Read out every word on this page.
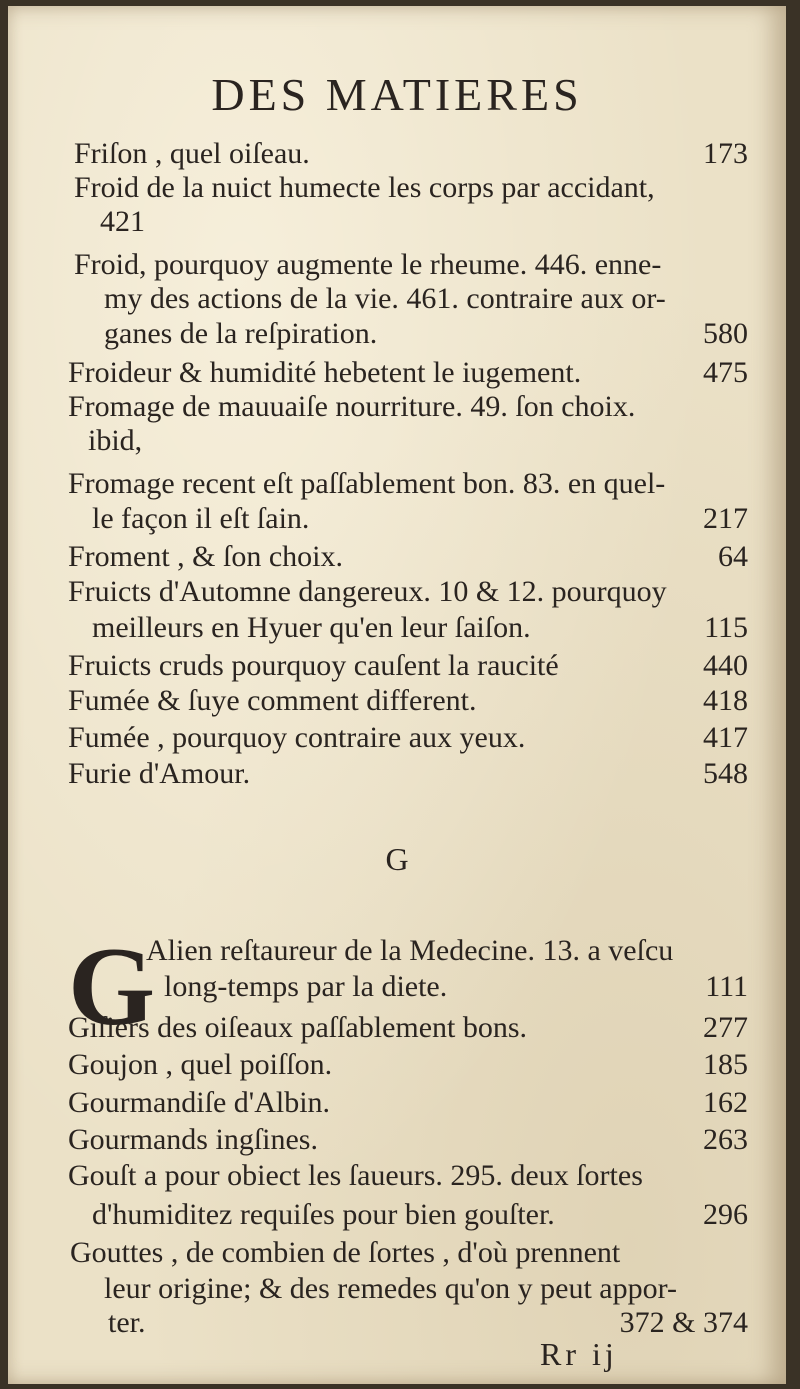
DES MATIERES
Friſon , quel oiſeau.	173
Froid de la nuict humecte les corps par accidant,
421
Froid, pourquoy augmente le rheume. 446. enne-
my des actions de la vie. 461. contraire aux or-
ganes de la reſpiration.	580
Froideur & humidité hebetent le iugement.	475
Fromage de mauuaiſe nourriture. 49. ſon choix.
ibid,
Fromage recent eſt paſſablement bon. 83. en quel-
le façon il eſt ſain.	217
Froment , & ſon choix.	64
Fruicts d'Automne dangereux. 10 & 12. pourquoy
meilleurs en Hyuer qu'en leur ſaiſon.	115
Fruicts cruds pourquoy cauſent la raucité	440
Fumée & ſuye comment different.	418
Fumée , pourquoy contraire aux yeux.	417
Furie d'Amour.	548
G
G
Alien reſtaureur de la Medecine. 13. a veſcu
long-temps par la diete.	111
Giſiers des oiſeaux paſſablement bons.	277
Goujon , quel poiſſon.	185
Gourmandiſe d'Albin.	162
Gourmands ingſines.	263
Gouſt a pour obiect les ſaueurs. 295. deux ſortes
d'humiditez requiſes pour bien gouſter.	296
Gouttes , de combien de ſortes , d'où prennent
leur origine; & des remedes qu'on y peut appor-
ter.	372 & 374
Rr ij
